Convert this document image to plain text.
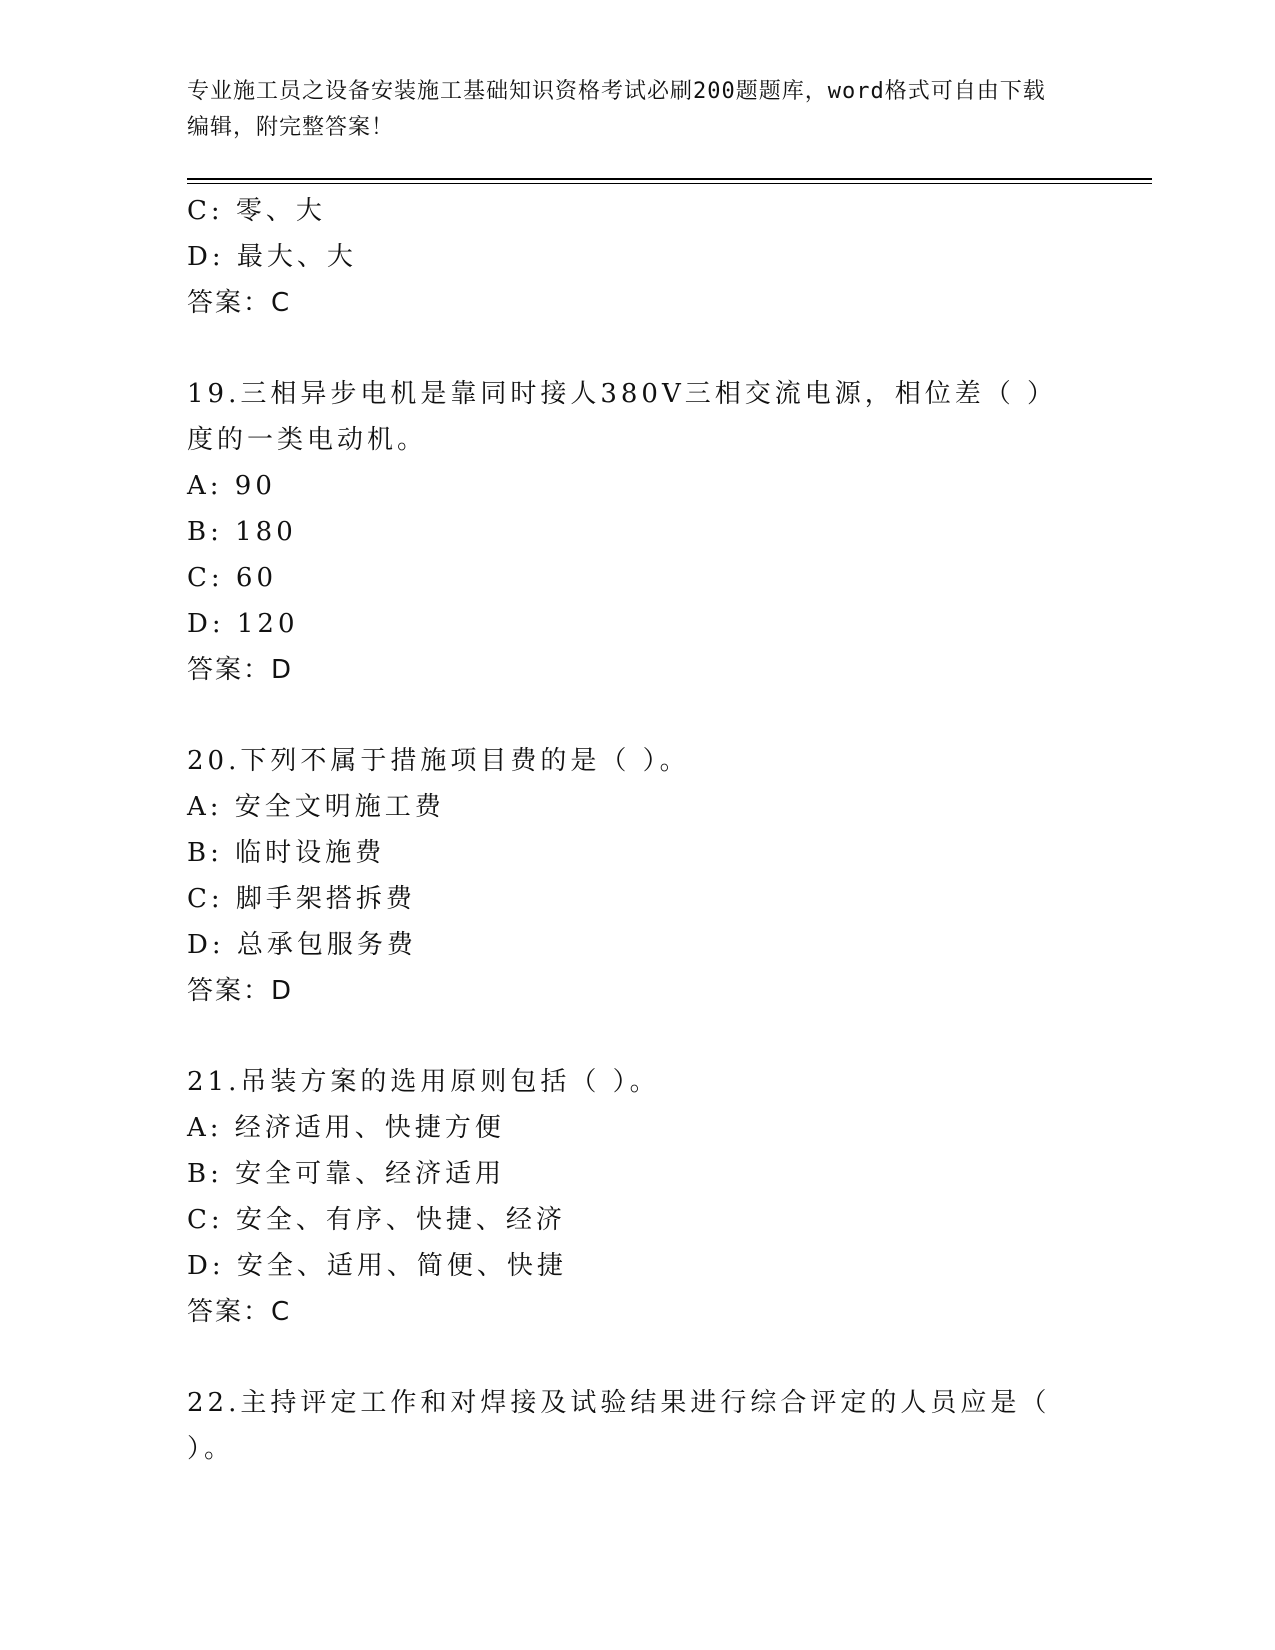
专业施工员之设备安装施工基础知识资格考试必刷200题题库，word格式可自由下载编辑，附完整答案！
C: 零、大
D: 最大、大
答案：C
19.三相异步电机是靠同时接人380V三相交流电源，相位差（ ）度的一类电动机。
A: 90
B: 180
C: 60
D: 120
答案：D
20.下列不属于措施项目费的是（ ）。
A: 安全文明施工费
B: 临时设施费
C: 脚手架搭拆费
D: 总承包服务费
答案：D
21.吊装方案的选用原则包括（ ）。
A: 经济适用、快捷方便
B: 安全可靠、经济适用
C: 安全、有序、快捷、经济
D: 安全、适用、简便、快捷
答案：C
22.主持评定工作和对焊接及试验结果进行综合评定的人员应是（ ）。
